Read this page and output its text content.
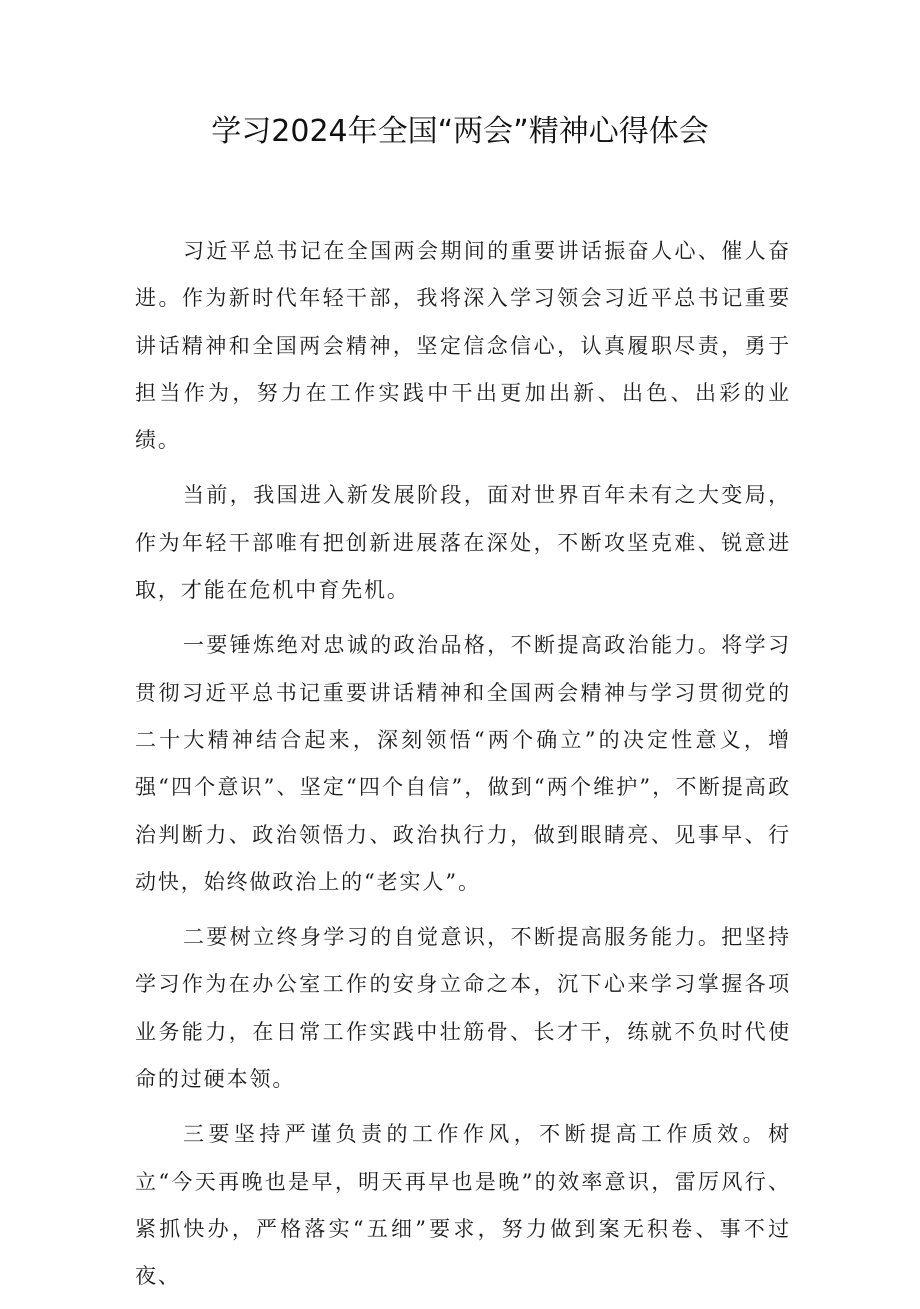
学习2024年全国“两会”精神心得体会

习近平总书记在全国两会期间的重要讲话振奋人心、催人奋进。作为新时代年轻干部，我将深入学习领会习近平总书记重要讲话精神和全国两会精神，坚定信念信心，认真履职尽责，勇于担当作为，努力在工作实践中干出更加出新、出色、出彩的业绩。

当前，我国进入新发展阶段，面对世界百年未有之大变局，作为年轻干部唯有把创新进展落在深处，不断攻坚克难、锐意进取，才能在危机中育先机。

一要锤炼绝对忠诚的政治品格，不断提高政治能力。将学习贯彻习近平总书记重要讲话精神和全国两会精神与学习贯彻党的二十大精神结合起来，深刻领悟“两个确立”的决定性意义，增强“四个意识”、坚定“四个自信”，做到“两个维护”，不断提高政治判断力、政治领悟力、政治执行力，做到眼睛亮、见事早、行动快，始终做政治上的“老实人”。

二要树立终身学习的自觉意识，不断提高服务能力。把坚持学习作为在办公室工作的安身立命之本，沉下心来学习掌握各项业务能力，在日常工作实践中壮筋骨、长才干，练就不负时代使命的过硬本领。

三要坚持严谨负责的工作作风，不断提高工作质效。树立“今天再晚也是早，明天再早也是晚”的效率意识，雷厉风行、紧抓快办，严格落实“五细”要求，努力做到案无积卷、事不过夜、
